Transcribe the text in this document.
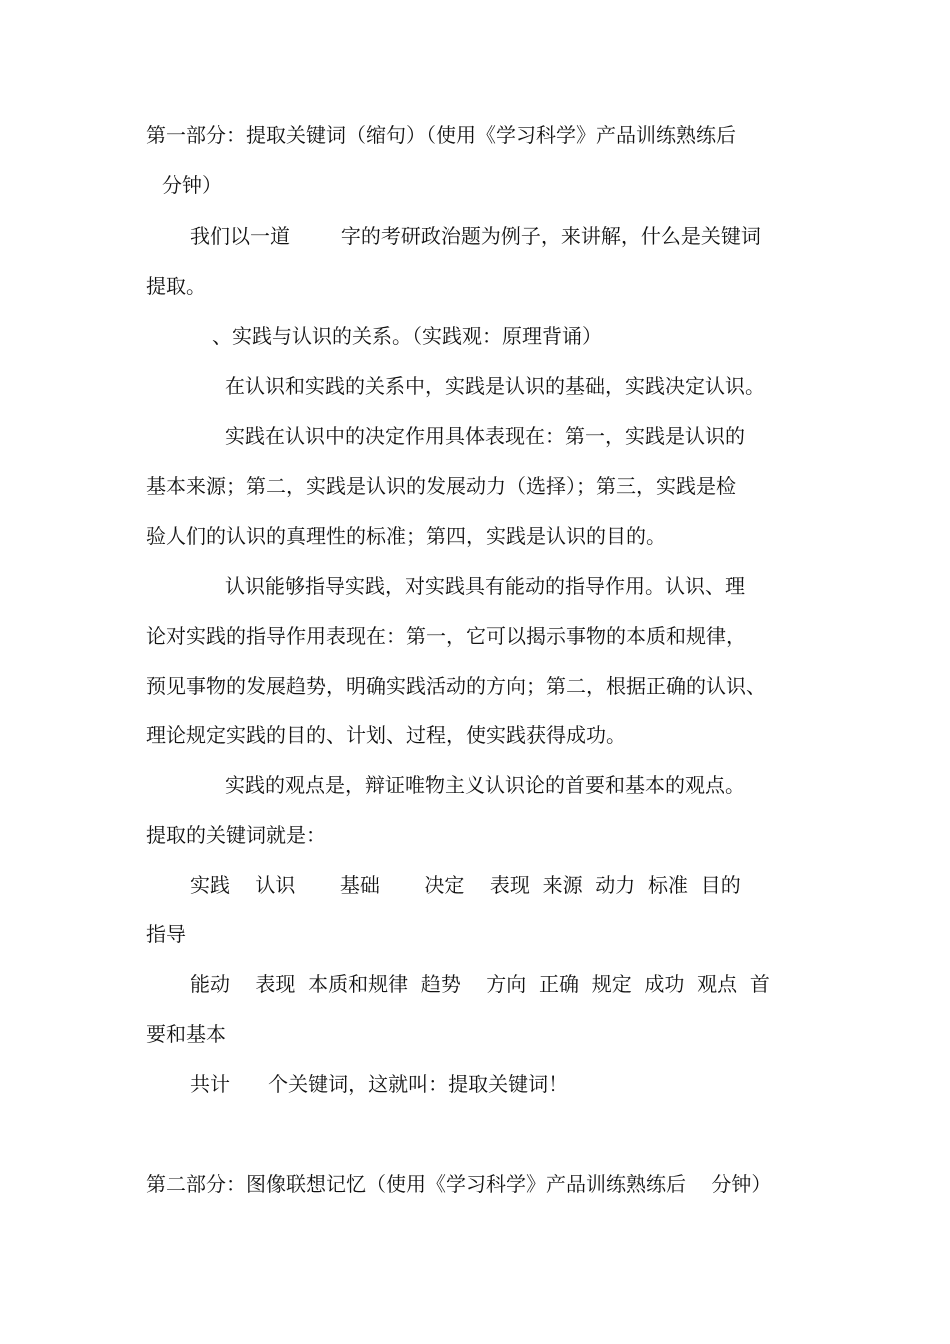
第一部分：提取关键词（缩句）（使用《学习科学》产品训练熟练后
分钟）
我们以一道        字的考研政治题为例子，来讲解，什么是关键词
提取。
、实践与认识的关系。（实践观：原理背诵）
在认识和实践的关系中，实践是认识的基础，实践决定认识。
实践在认识中的决定作用具体表现在：第一，实践是认识的
基本来源；第二，实践是认识的发展动力（选择）；第三，实践是检
验人们的认识的真理性的标准；第四，实践是认识的目的。
认识能够指导实践，对实践具有能动的指导作用。认识、理
论对实践的指导作用表现在：第一，它可以揭示事物的本质和规律，
预见事物的发展趋势，明确实践活动的方向；第二，根据正确的认识、
理论规定实践的目的、计划、过程，使实践获得成功。
实践的观点是，辩证唯物主义认识论的首要和基本的观点。
提取的关键词就是：
实践    认识       基础       决定    表现  来源  动力  标准  目的
指导
能动    表现  本质和规律  趋势    方向  正确  规定  成功  观点  首
要和基本
共计      个关键词，这就叫：提取关键词！
第二部分：图像联想记忆（使用《学习科学》产品训练熟练后    分钟）
